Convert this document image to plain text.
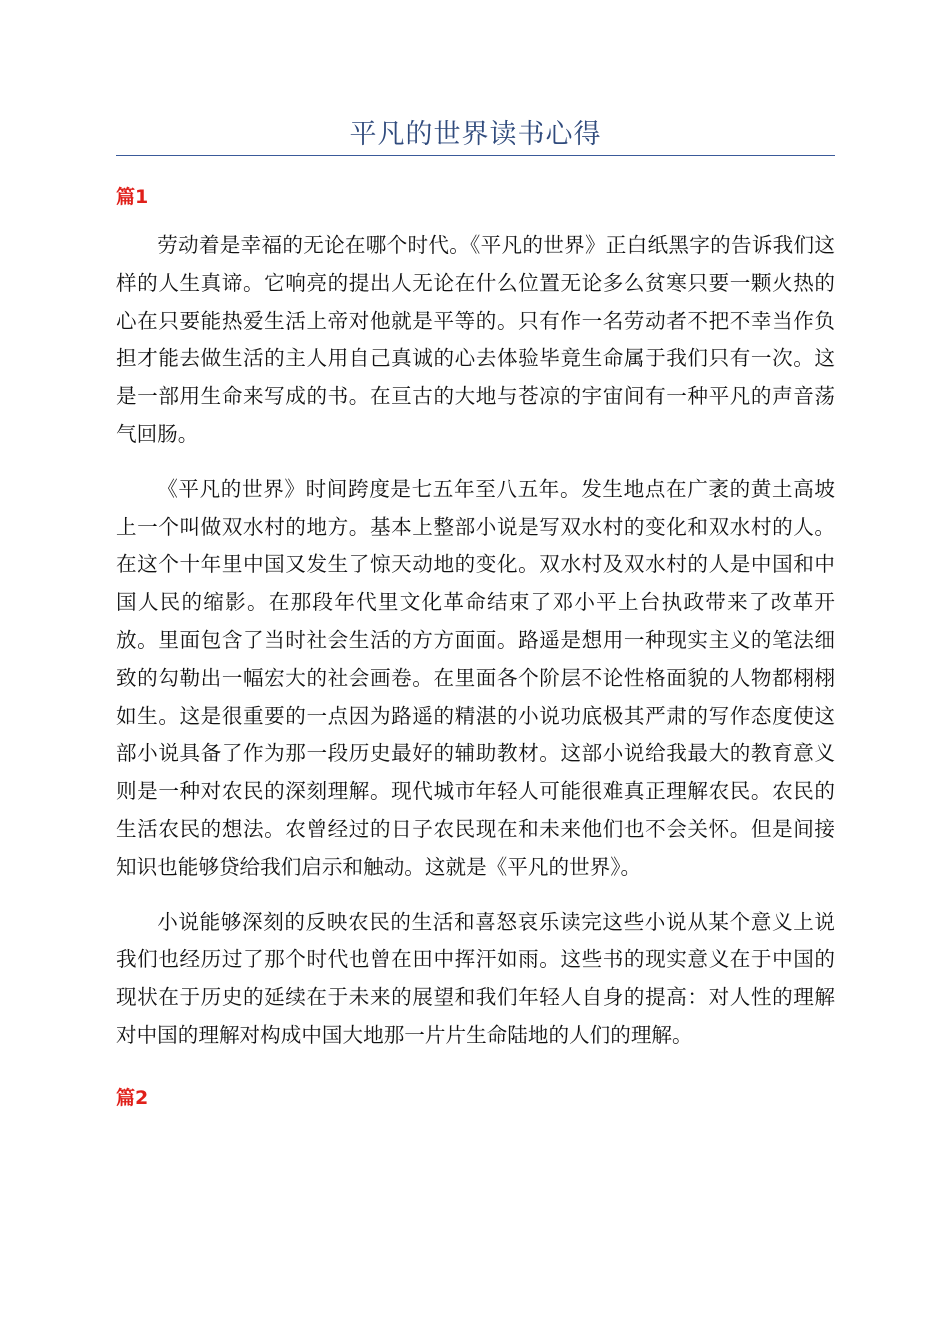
平凡的世界读书心得
篇1

劳动着是幸福的无论在哪个时代。《平凡的世界》正白纸黑字的告诉我们这样的人生真谛。它响亮的提出人无论在什么位置无论多么贫寒只要一颗火热的心在只要能热爱生活上帝对他就是平等的。只有作一名劳动者不把不幸当作负担才能去做生活的主人用自己真诚的心去体验毕竟生命属于我们只有一次。这是一部用生命来写成的书。在亘古的大地与苍凉的宇宙间有一种平凡的声音荡气回肠。

《平凡的世界》时间跨度是七五年至八五年。发生地点在广袤的黄土高坡上一个叫做双水村的地方。基本上整部小说是写双水村的变化和双水村的人。在这个十年里中国又发生了惊天动地的变化。双水村及双水村的人是中国和中国人民的缩影。在那段年代里文化革命结束了邓小平上台执政带来了改革开放。里面包含了当时社会生活的方方面面。路遥是想用一种现实主义的笔法细致的勾勒出一幅宏大的社会画卷。在里面各个阶层不论性格面貌的人物都栩栩如生。这是很重要的一点因为路遥的精湛的小说功底极其严肃的写作态度使这部小说具备了作为那一段历史最好的辅助教材。这部小说给我最大的教育意义则是一种对农民的深刻理解。现代城市年轻人可能很难真正理解农民。农民的生活农民的想法。农曾经过的日子农民现在和未来他们也不会关怀。但是间接知识也能够贷给我们启示和触动。这就是《平凡的世界》。

小说能够深刻的反映农民的生活和喜怒哀乐读完这些小说从某个意义上说我们也经历过了那个时代也曾在田中挥汗如雨。这些书的现实意义在于中国的现状在于历史的延续在于未来的展望和我们年轻人自身的提高：对人性的理解对中国的理解对构成中国大地那一片片生命陆地的人们的理解。

篇2
